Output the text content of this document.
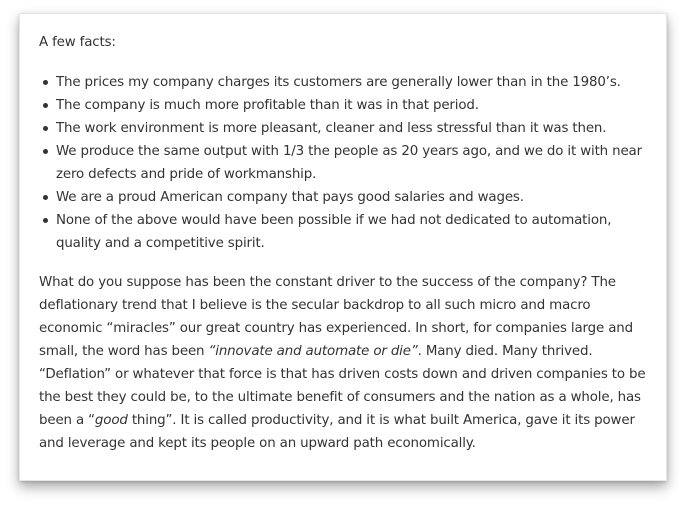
A few facts:

The prices my company charges its customers are generally lower than in the 1980’s.
The company is much more profitable than it was in that period.
The work environment is more pleasant, cleaner and less stressful than it was then.
We produce the same output with 1/3 the people as 20 years ago, and we do it with near zero defects and pride of workmanship.
We are a proud American company that pays good salaries and wages.
None of the above would have been possible if we had not dedicated to automation, quality and a competitive spirit.

What do you suppose has been the constant driver to the success of the company? The deflationary trend that I believe is the secular backdrop to all such micro and macro economic “miracles” our great country has experienced. In short, for companies large and small, the word has been “innovate and automate or die”. Many died. Many thrived. “Deflation” or whatever that force is that has driven costs down and driven companies to be the best they could be, to the ultimate benefit of consumers and the nation as a whole, has been a “good thing”. It is called productivity, and it is what built America, gave it its power and leverage and kept its people on an upward path economically.
